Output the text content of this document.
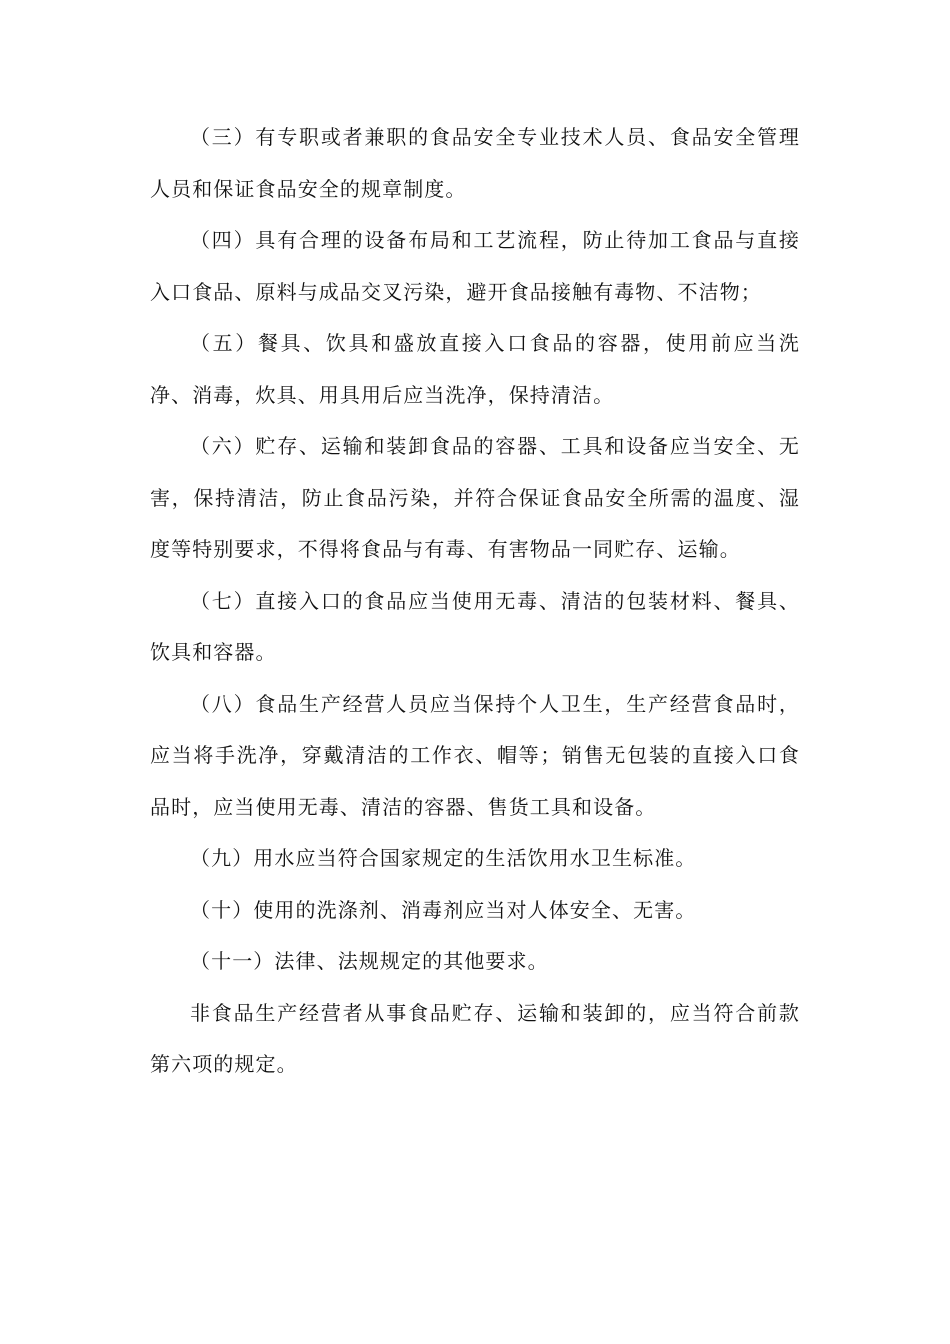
（三）有专职或者兼职的食品安全专业技术人员、食品安全管理人员和保证食品安全的规章制度。

（四）具有合理的设备布局和工艺流程，防止待加工食品与直接入口食品、原料与成品交叉污染，避开食品接触有毒物、不洁物；

（五）餐具、饮具和盛放直接入口食品的容器，使用前应当洗净、消毒，炊具、用具用后应当洗净，保持清洁。

（六）贮存、运输和装卸食品的容器、工具和设备应当安全、无害，保持清洁，防止食品污染，并符合保证食品安全所需的温度、湿度等特别要求，不得将食品与有毒、有害物品一同贮存、运输。

（七）直接入口的食品应当使用无毒、清洁的包装材料、餐具、饮具和容器。

（八）食品生产经营人员应当保持个人卫生，生产经营食品时，应当将手洗净，穿戴清洁的工作衣、帽等；销售无包装的直接入口食品时，应当使用无毒、清洁的容器、售货工具和设备。

（九）用水应当符合国家规定的生活饮用水卫生标准。

（十）使用的洗涤剂、消毒剂应当对人体安全、无害。

（十一）法律、法规规定的其他要求。

非食品生产经营者从事食品贮存、运输和装卸的，应当符合前款第六项的规定。
